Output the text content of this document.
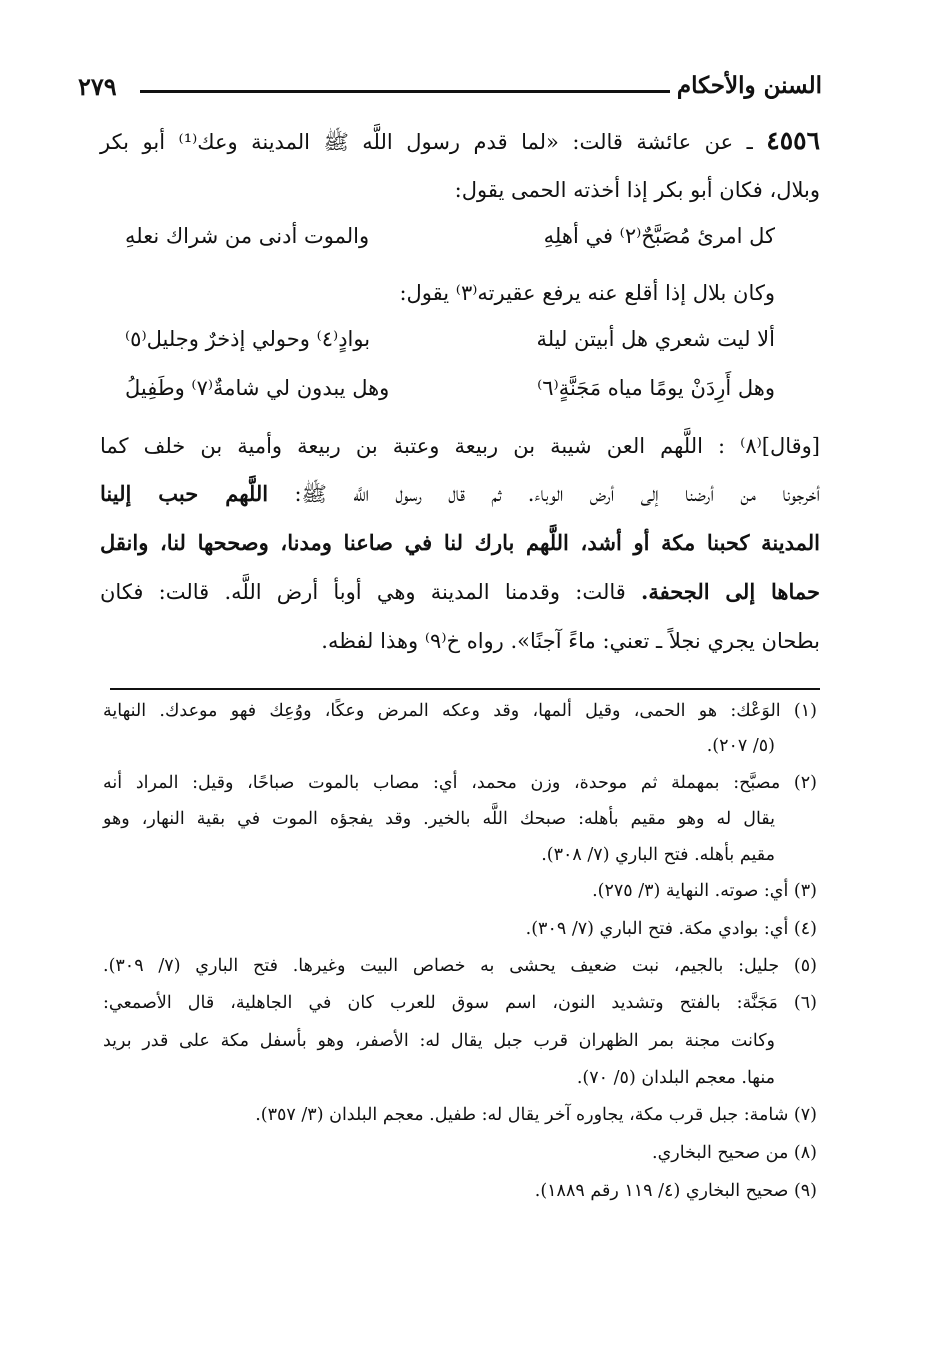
السنن والأحكام
٢٧٩
٤٥٥٦ ـ عن عائشة قالت: «لما قدم رسول اللَّه ﷺ المدينة وعك⁽¹⁾ أبو بكر
وبلال، فكان أبو بكر إذا أخذته الحمى يقول:
كل امرئ مُصَبَّحٌ⁽٢⁾ في أهلِهِ
والموت أدنى من شراك نعلهِ
وكان بلال إذا أقلع عنه يرفع عقيرته⁽٣⁾ يقول:
ألا ليت شعري هل أبيتن ليلة
بوادٍ⁽٤⁾ وحولي إذخرٌ وجليل⁽٥⁾
وهل أَرِدَنْ يومًا مياه مَجَنَّةٍ⁽٦⁾
وهل يبدون لي شامةٌ⁽٧⁾ وطَفِيلُ
[وقال]⁽٨⁾ : اللَّهم العن شيبة بن ربيعة وعتبة بن ربيعة وأمية بن خلف كما
أخرجونا من أرضنا إلى أرض الوباء. ثم قال رسول اللَّه ﷺ: اللَّهم حبب إلينا
المدينة كحبنا مكة أو أشد، اللَّهم بارك لنا في صاعنا ومدنا، وصححها لنا، وانقل
حماها إلى الجحفة. قالت: وقدمنا المدينة وهي أوبأ أرض اللَّه. قالت: فكان
بطحان يجري نجلاً ـ تعني: ماءً آجنًا». رواه خ⁽٩⁾ وهذا لفظه.
(١) الوَعْك: هو الحمى، وقيل ألمها، وقد وعكه المرض وعكًا، ووُعِك فهو موعدك. النهاية
(٥/ ٢٠٧).
(٢) مصبَّح: بمهملة ثم موحدة، وزن محمد، أي: مصاب بالموت صباحًا، وقيل: المراد أنه
يقال له وهو مقيم بأهله: صبحك اللَّه بالخير. وقد يفجؤه الموت في بقية النهار، وهو
مقيم بأهله. فتح الباري (٧/ ٣٠٨).
(٣) أي: صوته. النهاية (٣/ ٢٧٥).
(٤) أي: بوادي مكة. فتح الباري (٧/ ٣٠٩).
(٥) جليل: بالجيم، نبت ضعيف يحشى به خصاص البيت وغيرها. فتح الباري (٧/ ٣٠٩).
(٦) مَجَنَّة: بالفتح وتشديد النون، اسم سوق للعرب كان في الجاهلية، قال الأصمعي:
وكانت مجنة بمر الظهران قرب جبل يقال له: الأصفر، وهو بأسفل مكة على قدر بريد
منها. معجم البلدان (٥/ ٧٠).
(٧) شامة: جبل قرب مكة، يجاوره آخر يقال له: طفيل. معجم البلدان (٣/ ٣٥٧).
(٨) من صحيح البخاري.
(٩) صحيح البخاري (٤/ ١١٩ رقم ١٨٨٩).
